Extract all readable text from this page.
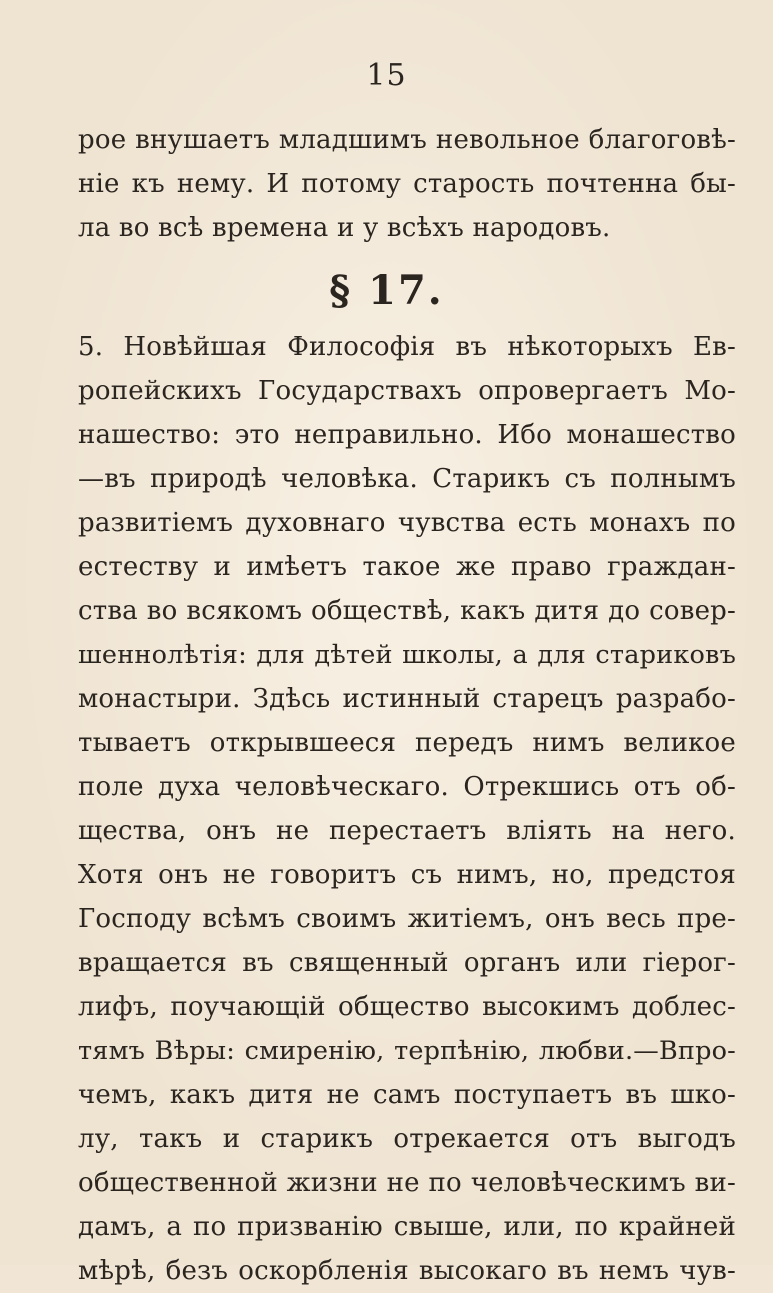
15
рое внушаетъ младшимъ невольное благоговѣ-
ніе къ нему. И потому старость почтенна бы-
ла во всѣ времена и у всѣхъ народовъ.
§ 17.
5. Новѣйшая Философія въ нѣкоторыхъ Ев-
ропейскихъ Государствахъ опровергаетъ Мо-
нашество: это неправильно. Ибо монашество
—въ природѣ человѣка. Старикъ съ полнымъ
развитіемъ духовнаго чувства есть монахъ по
естеству и имѣетъ такое же право граждан-
ства во всякомъ обществѣ, какъ дитя до совер-
шеннолѣтія: для дѣтей школы, а для стариковъ
монастыри. Здѣсь истинный старецъ разрабо-
тываетъ открывшееся передъ нимъ великое
поле духа человѣческаго. Отрекшись отъ об-
щества, онъ не перестаетъ вліять на него.
Хотя онъ не говоритъ съ нимъ, но, предстоя
Господу всѣмъ своимъ житіемъ, онъ весь пре-
вращается въ священный органъ или гіерог-
лифъ, поучающій общество высокимъ доблес-
тямъ Вѣры: смиренію, терпѣнію, любви.—Впро-
чемъ, какъ дитя не самъ поступаетъ въ шко-
лу, такъ и старикъ отрекается отъ выгодъ
общественной жизни не по человѣческимъ ви-
дамъ, а по призванію свыше, или, по крайней
мѣрѣ, безъ оскорбленія высокаго въ немъ чув-
